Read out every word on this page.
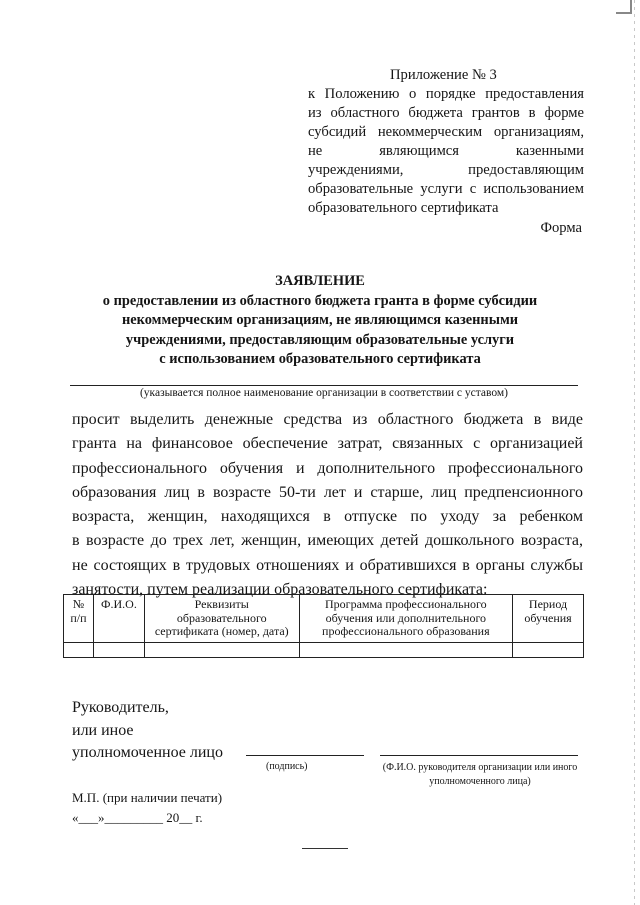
Приложение № 3
к Положению о порядке предоставления
из областного бюджета грантов в форме
субсидий некоммерческим организациям,
не являющимся казенными
учреждениями, предоставляющим
образовательные услуги с использованием
образовательного сертификата
Форма
ЗАЯВЛЕНИЕ
о предоставлении из областного бюджета гранта в форме субсидии
некоммерческим организациям, не являющимся казенными
учреждениями, предоставляющим образовательные услуги
с использованием образовательного сертификата
(указывается полное наименование организации в соответствии с уставом)
просит выделить денежные средства из областного бюджета в виде
гранта на финансовое обеспечение затрат, связанных с организацией
профессионального обучения и дополнительного профессионального
образования лиц в возрасте 50-ти лет и старше, лиц предпенсионного
возраста, женщин, находящихся в отпуске по уходу за ребенком
в возрасте до трех лет, женщин, имеющих детей дошкольного возраста,
не состоящих в трудовых отношениях и обратившихся в органы службы
занятости, путем реализации образовательного сертификата:
№ п/п	Ф.И.О.	Реквизиты образовательного сертификата (номер, дата)	Программа профессионального обучения или дополнительного профессионального образования	Период обучения

Руководитель,
или иное
уполномоченное лицо
(подпись)	(Ф.И.О. руководителя организации или иного уполномоченного лица)
М.П. (при наличии печати)
«___»_________ 20__ г.
